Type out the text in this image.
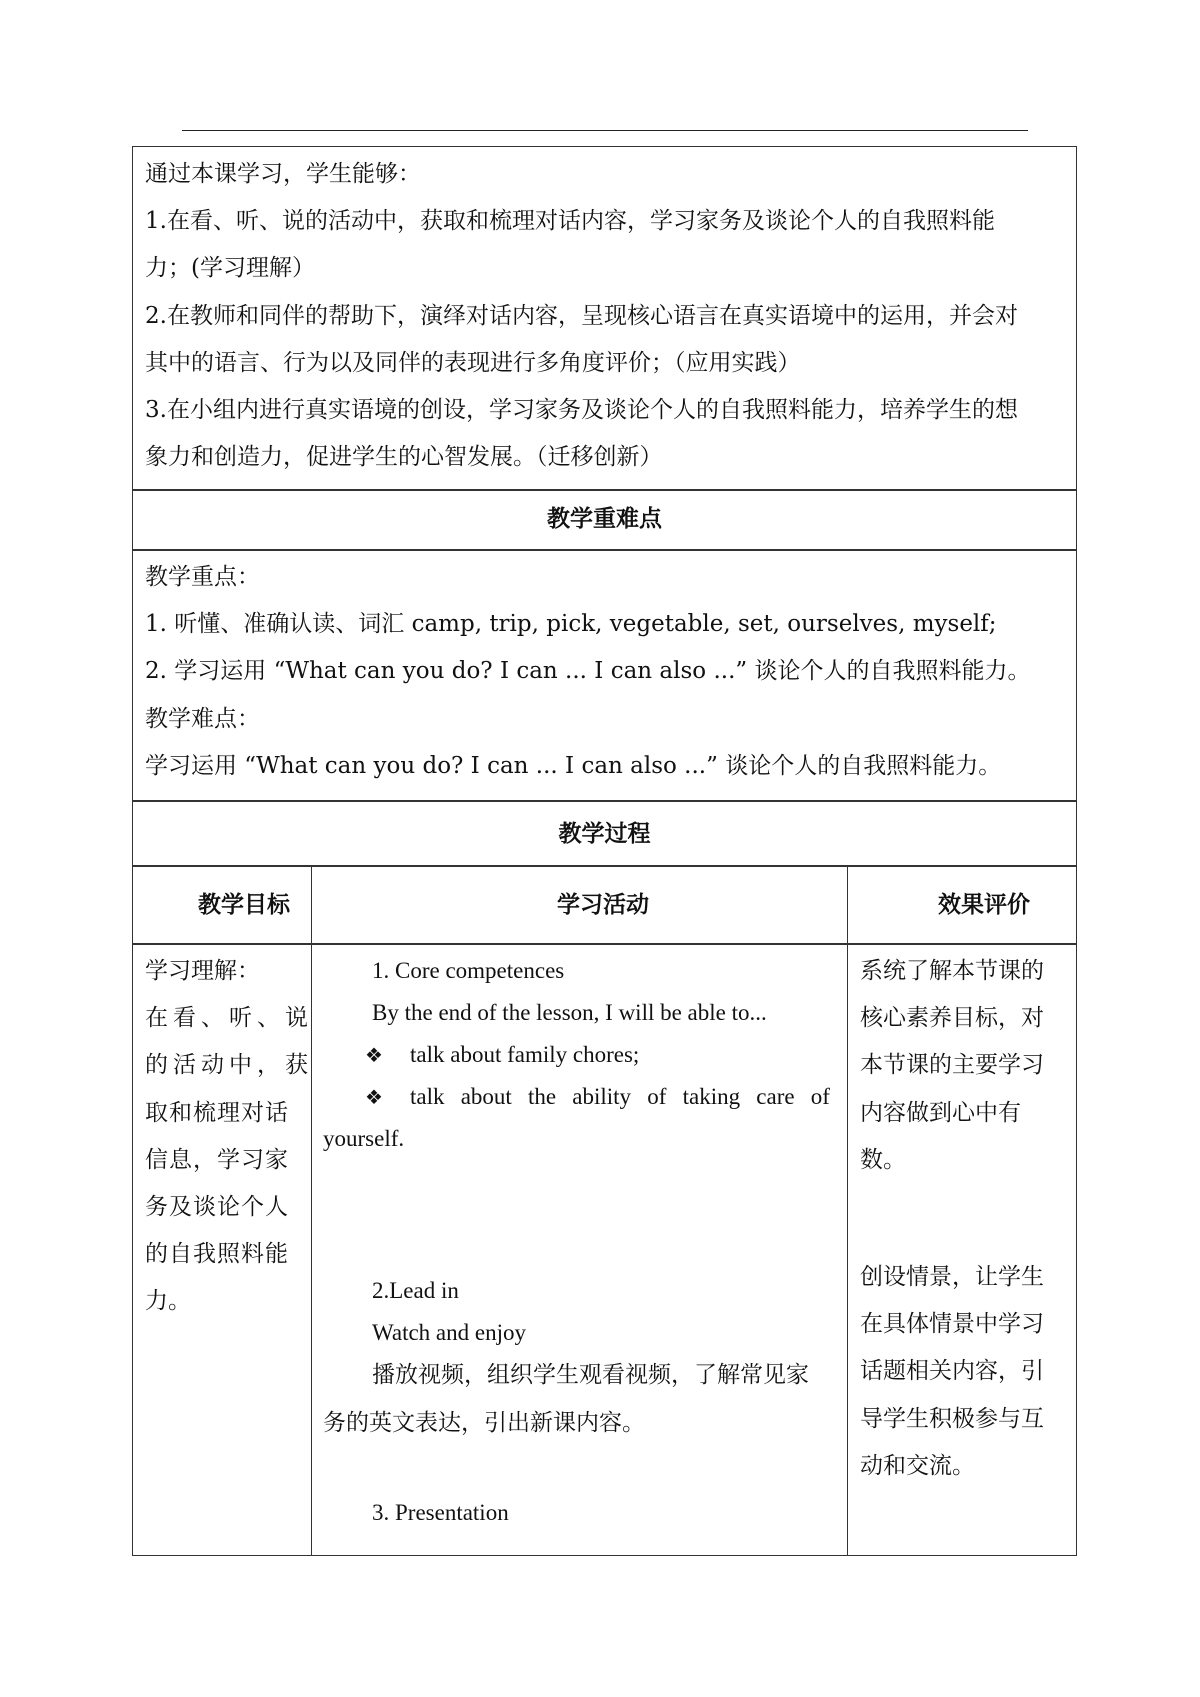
通过本课学习，学生能够：
1.在看、听、说的活动中，获取和梳理对话内容，学习家务及谈论个人的自我照料能
力；(学习理解）
2.在教师和同伴的帮助下，演绎对话内容，呈现核心语言在真实语境中的运用，并会对
其中的语言、行为以及同伴的表现进行多角度评价；（应用实践）
3.在小组内进行真实语境的创设，学习家务及谈论个人的自我照料能力，培养学生的想
象力和创造力，促进学生的心智发展。（迁移创新）
教学重难点
教学重点：
1. 听懂、准确认读、词汇 camp, trip, pick, vegetable, set, ourselves, myself;
2. 学习运用 “What can you do? I can ... I can also ...” 谈论个人的自我照料能力。
教学难点：
学习运用 “What can you do? I can ... I can also ...” 谈论个人的自我照料能力。
教学过程
教学目标	学习活动	效果评价
学习理解：
在看、听、说
的活动中，获
取和梳理对话
信息，学习家
务及谈论个人
的自我照料能
力。
1. Core competences
By the end of the lesson, I will be able to...
❖ talk about family chores;
❖ talk about the ability of taking care of
yourself.
2.Lead in
Watch and enjoy
播放视频，组织学生观看视频，了解常见家
务的英文表达，引出新课内容。
3. Presentation
系统了解本节课的
核心素养目标，对
本节课的主要学习
内容做到心中有
数。
创设情景，让学生
在具体情景中学习
话题相关内容，引
导学生积极参与互
动和交流。
